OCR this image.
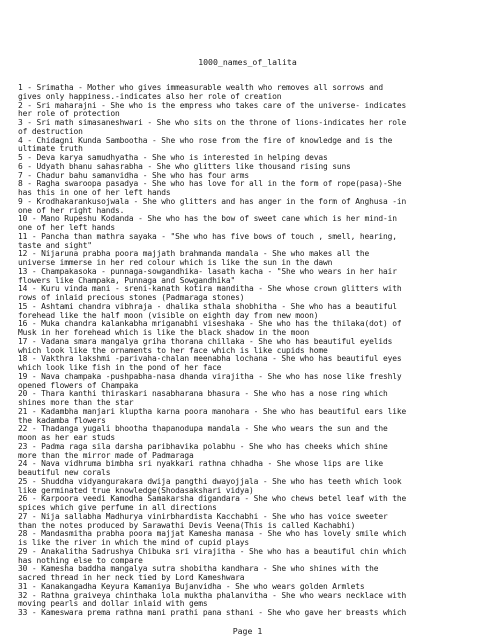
1000_names_of_lalita
1 - Srimatha - Mother who gives immeasurable wealth who removes all sorrows and
gives only happiness.-indicates also her role of creation
2 - Sri maharajni - She who is the empress who takes care of the universe- indicates
her role of protection
3 - Sri math simasaneshwari - She who sits on the throne of lions-indicates her role
of destruction
4 - Chidagni Kunda Sambootha - She who rose from the fire of knowledge and is the
ultimate truth
5 - Deva karya samudhyatha - She who is interested in helping devas
6 - Udyath bhanu sahasrabha - She who glitters like thousand rising suns
7 - Chadur bahu samanvidha - She who has four arms
8 - Ragha swaroopa pasadya - She who has love for all in the form of rope(pasa)-She
has this in one of her left hands
9 - Krodhakarankusojwala - She who glitters and has anger in the form of Anghusa -in
one of her right hands.
10 - Mano Rupeshu Kodanda - She who has the bow of sweet cane which is her mind-in
one of her left hands
11 - Pancha than mathra sayaka - "She who has five bows of touch , smell, hearing,
taste and sight"
12 - Nijaruna prabha poora majjath brahmanda mandala - She who makes all the
universe immerse in her red colour which is like the sun in the dawn
13 - Champakasoka - punnaga-sowgandhika- lasath kacha - "She who wears in her hair
flowers like Champaka, Punnaga and Sowgandhika"
14 - Kuru vinda mani - sreni-kanath kotira manditha - She whose crown glitters with
rows of inlaid precious stones (Padmaraga stones)
15 - Ashtami chandra vibhraja - dhalika sthala shobhitha - She who has a beautiful
forehead like the half moon (visible on eighth day from new moon)
16 - Muka chandra kalankabha mriganabhi viseshaka - She who has the thilaka(dot) of
Musk in her forehead which is like the black shadow in the moon
17 - Vadana smara mangalya griha thorana chillaka - She who has beautiful eyelids
which look like the ornaments to her face which is like cupids home
18 - Vakthra lakshmi -parivaha-chalan meenabha lochana - She who has beautiful eyes
which look like fish in the pond of her face
19 - Nava champaka -pushpabha-nasa dhanda virajitha - She who has nose like freshly
opened flowers of Champaka
20 - Thara kanthi thiraskari nasabharana bhasura - She who has a nose ring which
shines more than the star
21 - Kadambha manjari kluptha karna poora manohara - She who has beautiful ears like
the kadamba flowers
22 - Thadanga yugali bhootha thapanodupa mandala - She who wears the sun and the
moon as her ear studs
23 - Padma raga sila darsha paribhavika polabhu - She who has cheeks which shine
more than the mirror made of Padmaraga
24 - Nava vidhruma bimbha sri nyakkari rathna chhadha - She whose lips are like
beautiful new corals
25 - Shuddha vidyangurakara dwija pangthi dwayojjala - She who has teeth which look
like germinated true knowledge(Shodasakshari vidya)
26 - Karpoora veedi Kamodha Samakarsha digandara - She who chews betel leaf with the
spices which give perfume in all directions
27 - Nija sallabha Madhurya vinirbhardista Kacchabhi - She who has voice sweeter
than the notes produced by Sarawathi Devis Veena(This is called Kachabhi)
28 - Mandasmitha prabha poora majjat Kamesha manasa - She who has lovely smile which
is like the river in which the mind of cupid plays
29 - Anakalitha Sadrushya Chibuka sri virajitha - She who has a beautiful chin which
has nothing else to compare
30 - Kamesha baddha mangalya sutra shobitha kandhara - She who shines with the
sacred thread in her neck tied by Lord Kameshwara
31 - Kanakangadha Keyura Kamaniya Bujanvidha - She who wears golden Armlets
32 - Rathna graiveya chinthaka lola muktha phalanvitha - She who wears necklace with
moving pearls and dollar inlaid with gems
33 - Kameswara prema rathna mani prathi pana sthani - She who gave her breasts which
Page 1
